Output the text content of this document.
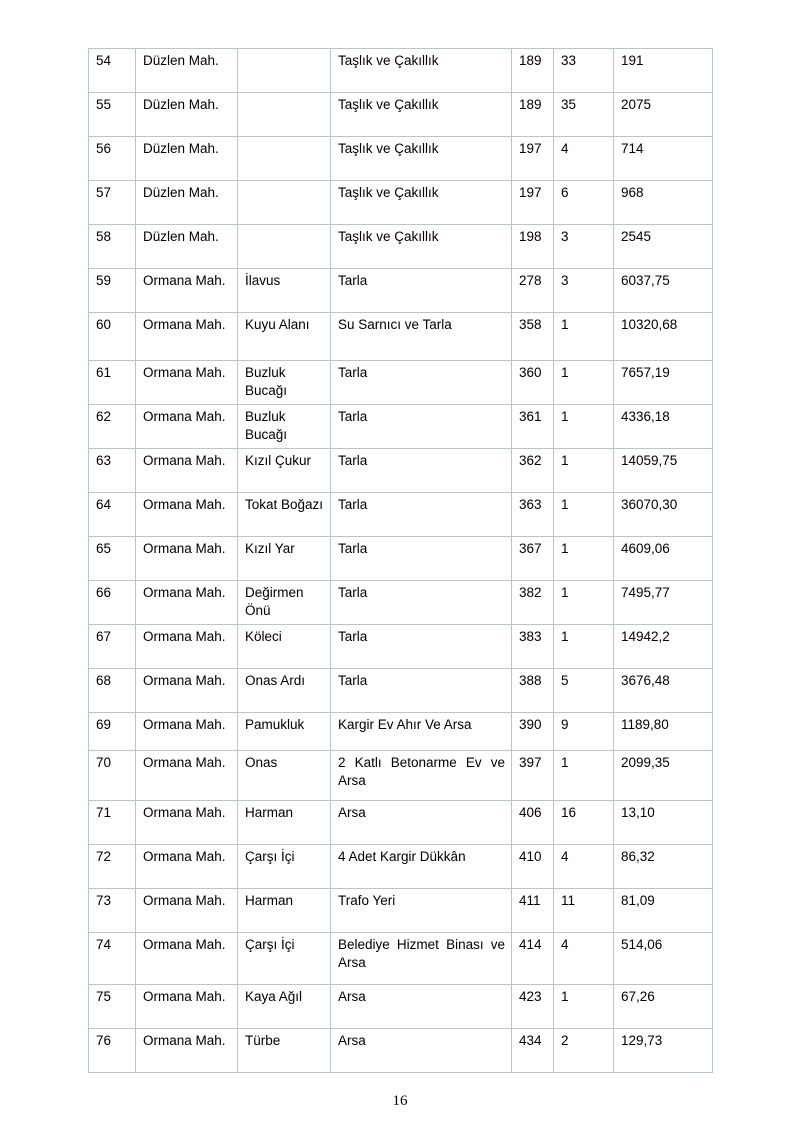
54	Düzlen Mah.		Taşlık ve Çakıllık	189	33	191
55	Düzlen Mah.		Taşlık ve Çakıllık	189	35	2075
56	Düzlen Mah.		Taşlık ve Çakıllık	197	4	714
57	Düzlen Mah.		Taşlık ve Çakıllık	197	6	968
58	Düzlen Mah.		Taşlık ve Çakıllık	198	3	2545
59	Ormana Mah.	İlavus	Tarla	278	3	6037,75
60	Ormana Mah.	Kuyu Alanı	Su Sarnıcı ve Tarla	358	1	10320,68
61	Ormana Mah.	Buzluk Bucağı	Tarla	360	1	7657,19
62	Ormana Mah.	Buzluk Bucağı	Tarla	361	1	4336,18
63	Ormana Mah.	Kızıl Çukur	Tarla	362	1	14059,75
64	Ormana Mah.	Tokat Boğazı	Tarla	363	1	36070,30
65	Ormana Mah.	Kızıl Yar	Tarla	367	1	4609,06
66	Ormana Mah.	Değirmen Önü	Tarla	382	1	7495,77
67	Ormana Mah.	Köleci	Tarla	383	1	14942,2
68	Ormana Mah.	Onas Ardı	Tarla	388	5	3676,48
69	Ormana Mah.	Pamukluk	Kargir Ev Ahır Ve Arsa	390	9	1189,80
70	Ormana Mah.	Onas	2 Katlı Betonarme Ev ve Arsa	397	1	2099,35
71	Ormana Mah.	Harman	Arsa	406	16	13,10
72	Ormana Mah.	Çarşı İçi	4 Adet Kargir Dükkân	410	4	86,32
73	Ormana Mah.	Harman	Trafo Yeri	411	11	81,09
74	Ormana Mah.	Çarşı İçi	Belediye Hizmet Binası ve Arsa	414	4	514,06
75	Ormana Mah.	Kaya Ağıl	Arsa	423	1	67,26
76	Ormana Mah.	Türbe	Arsa	434	2	129,73
16
